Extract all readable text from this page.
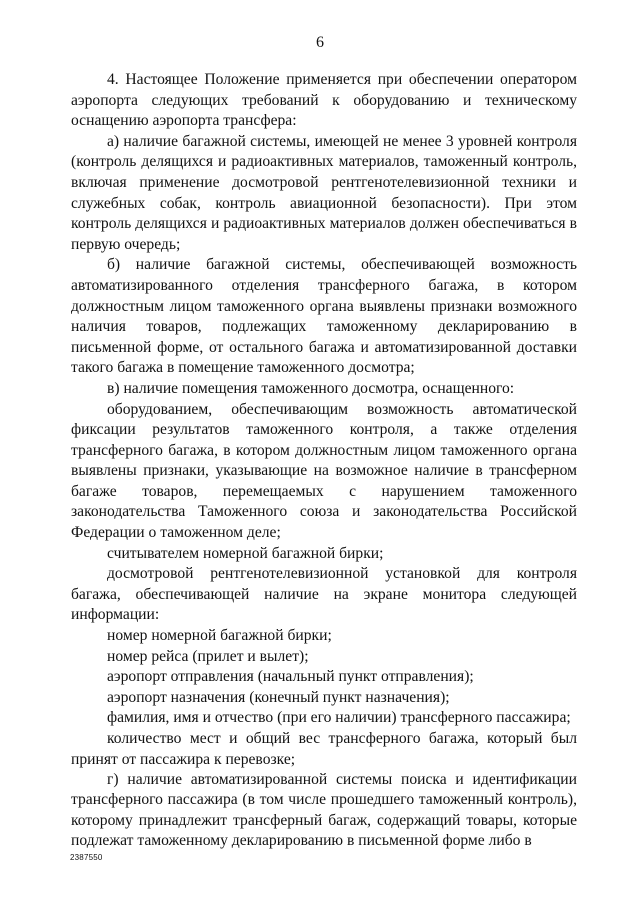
6

4. Настоящее Положение применяется при обеспечении оператором аэропорта следующих требований к оборудованию и техническому оснащению аэропорта трансфера:

а) наличие багажной системы, имеющей не менее 3 уровней контроля (контроль делящихся и радиоактивных материалов, таможенный контроль, включая применение досмотровой рентгенотелевизионной техники и служебных собак, контроль авиационной безопасности). При этом контроль делящихся и радиоактивных материалов должен обеспечиваться в первую очередь;

б) наличие багажной системы, обеспечивающей возможность автоматизированного отделения трансферного багажа, в котором должностным лицом таможенного органа выявлены признаки возможного наличия товаров, подлежащих таможенному декларированию в письменной форме, от остального багажа и автоматизированной доставки такого багажа в помещение таможенного досмотра;

в) наличие помещения таможенного досмотра, оснащенного:

оборудованием, обеспечивающим возможность автоматической фиксации результатов таможенного контроля, а также отделения трансферного багажа, в котором должностным лицом таможенного органа выявлены признаки, указывающие на возможное наличие в трансферном багаже товаров, перемещаемых с нарушением таможенного законодательства Таможенного союза и законодательства Российской Федерации о таможенном деле;

считывателем номерной багажной бирки;

досмотровой рентгенотелевизионной установкой для контроля багажа, обеспечивающей наличие на экране монитора следующей информации:

номер номерной багажной бирки;

номер рейса (прилет и вылет);

аэропорт отправления (начальный пункт отправления);

аэропорт назначения (конечный пункт назначения);

фамилия, имя и отчество (при его наличии) трансферного пассажира;

количество мест и общий вес трансферного багажа, который был принят от пассажира к перевозке;

г) наличие автоматизированной системы поиска и идентификации трансферного пассажира (в том числе прошедшего таможенный контроль), которому принадлежит трансферный багаж, содержащий товары, которые подлежат таможенному декларированию в письменной форме либо в

2387550
